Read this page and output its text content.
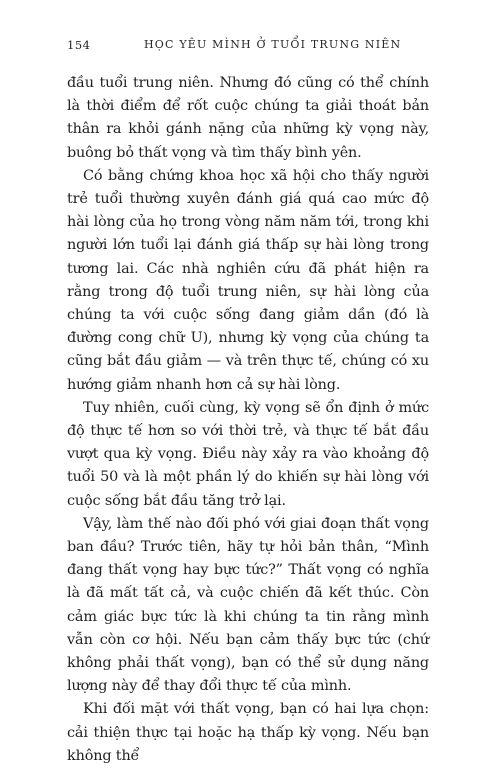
154	HỌC YÊU MÌNH Ở TUỔI TRUNG NIÊN

đầu tuổi trung niên. Nhưng đó cũng có thể chính là thời điểm để rốt cuộc chúng ta giải thoát bản thân ra khỏi gánh nặng của những kỳ vọng này, buông bỏ thất vọng và tìm thấy bình yên.

Có bằng chứng khoa học xã hội cho thấy người trẻ tuổi thường xuyên đánh giá quá cao mức độ hài lòng của họ trong vòng năm năm tới, trong khi người lớn tuổi lại đánh giá thấp sự hài lòng trong tương lai. Các nhà nghiên cứu đã phát hiện ra rằng trong độ tuổi trung niên, sự hài lòng của chúng ta với cuộc sống đang giảm dần (đó là đường cong chữ U), nhưng kỳ vọng của chúng ta cũng bắt đầu giảm — và trên thực tế, chúng có xu hướng giảm nhanh hơn cả sự hài lòng.

Tuy nhiên, cuối cùng, kỳ vọng sẽ ổn định ở mức độ thực tế hơn so với thời trẻ, và thực tế bắt đầu vượt qua kỳ vọng. Điều này xảy ra vào khoảng độ tuổi 50 và là một phần lý do khiến sự hài lòng với cuộc sống bắt đầu tăng trở lại.

Vậy, làm thế nào đối phó với giai đoạn thất vọng ban đầu? Trước tiên, hãy tự hỏi bản thân, “Mình đang thất vọng hay bực tức?” Thất vọng có nghĩa là đã mất tất cả, và cuộc chiến đã kết thúc. Còn cảm giác bực tức là khi chúng ta tin rằng mình vẫn còn cơ hội. Nếu bạn cảm thấy bực tức (chứ không phải thất vọng), bạn có thể sử dụng năng lượng này để thay đổi thực tế của mình.

Khi đối mặt với thất vọng, bạn có hai lựa chọn: cải thiện thực tại hoặc hạ thấp kỳ vọng. Nếu bạn không thể
